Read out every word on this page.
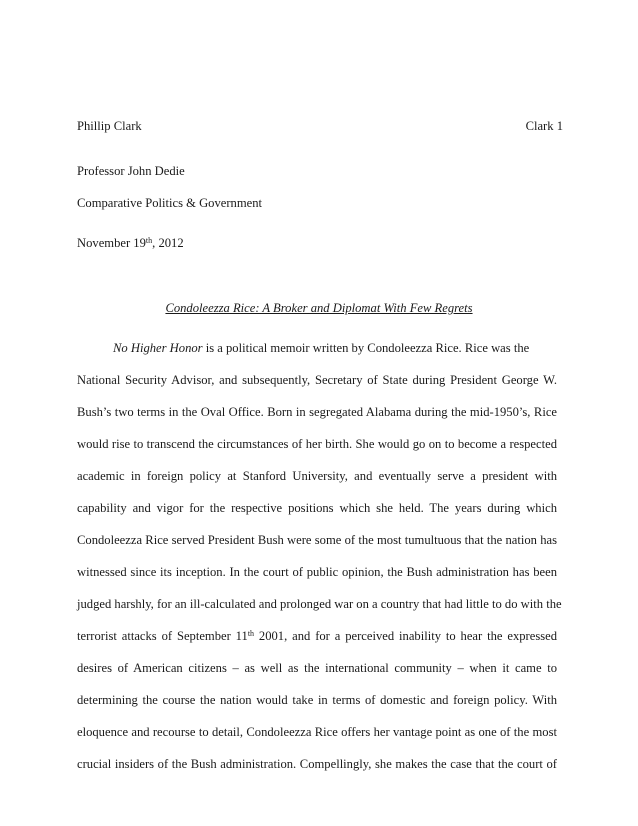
Phillip Clark	Clark 1
Professor John Dedie
Comparative Politics & Government
November 19th, 2012
Condoleezza Rice: A Broker and Diplomat With Few Regrets
No Higher Honor is a political memoir written by Condoleezza Rice. Rice was the
National Security Advisor, and subsequently, Secretary of State during President George W.
Bush’s two terms in the Oval Office. Born in segregated Alabama during the mid-1950’s, Rice
would rise to transcend the circumstances of her birth. She would go on to become a respected
academic in foreign policy at Stanford University, and eventually serve a president with
capability and vigor for the respective positions which she held. The years during which
Condoleezza Rice served President Bush were some of the most tumultuous that the nation has
witnessed since its inception. In the court of public opinion, the Bush administration has been
judged harshly, for an ill-calculated and prolonged war on a country that had little to do with the
terrorist attacks of September 11th 2001, and for a perceived inability to hear the expressed
desires of American citizens – as well as the international community – when it came to
determining the course the nation would take in terms of domestic and foreign policy. With
eloquence and recourse to detail, Condoleezza Rice offers her vantage point as one of the most
crucial insiders of the Bush administration. Compellingly, she makes the case that the court of
